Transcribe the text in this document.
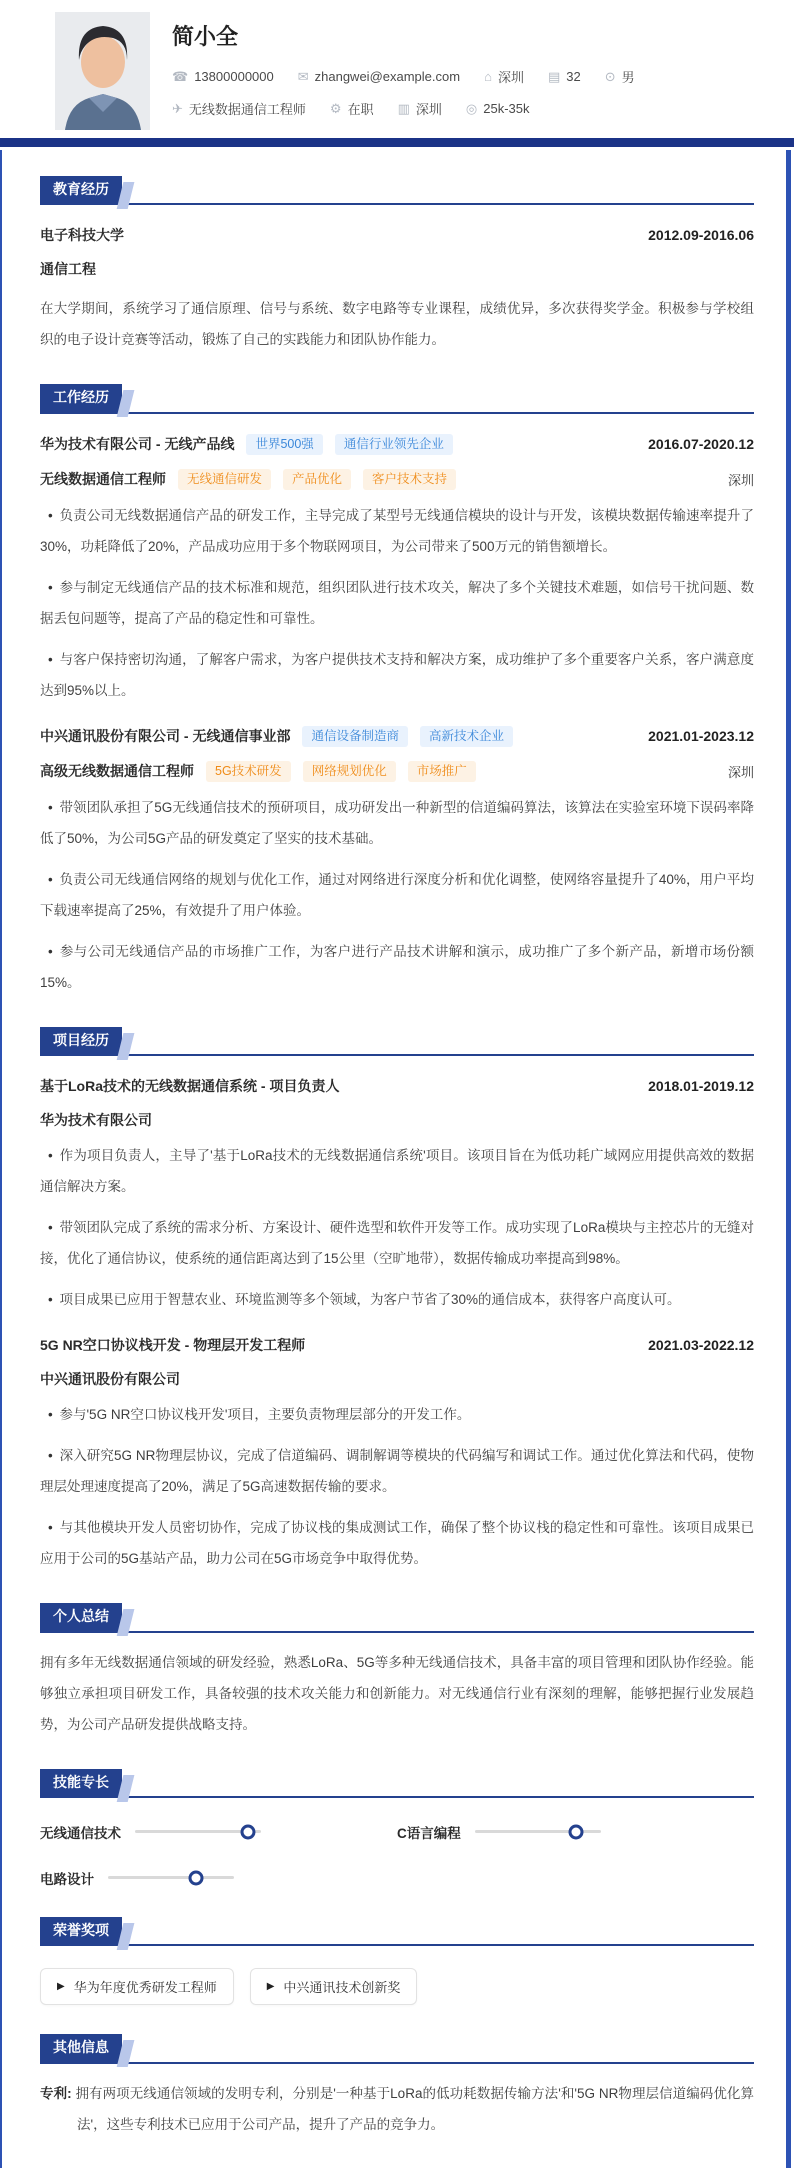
简小全
☎ 13800000000 ✉ zhangwei@example.com ⌂ 深圳 ▤ 32 ⊙ 男
✈ 无线数据通信工程师 ⚙ 在职 ▥ 深圳 ◎ 25k-35k
教育经历
电子科技大学	2012.09-2016.06
通信工程

在大学期间，系统学习了通信原理、信号与系统、数字电路等专业课程，成绩优异，多次获得奖学金。积极参与学校组织的电子设计竞赛等活动，锻炼了自己的实践能力和团队协作能力。

工作经历
华为技术有限公司 - 无线产品线	世界500强	通信行业领先企业	2016.07-2020.12
无线数据通信工程师	无线通信研发	产品优化	客户技术支持	深圳

• 负责公司无线数据通信产品的研发工作，主导完成了某型号无线通信模块的设计与开发，该模块数据传输速率提升了30%，功耗降低了20%，产品成功应用于多个物联网项目，为公司带来了500万元的销售额增长。

• 参与制定无线通信产品的技术标准和规范，组织团队进行技术攻关，解决了多个关键技术难题，如信号干扰问题、数据丢包问题等，提高了产品的稳定性和可靠性。

• 与客户保持密切沟通，了解客户需求，为客户提供技术支持和解决方案，成功维护了多个重要客户关系，客户满意度达到95%以上。

中兴通讯股份有限公司 - 无线通信事业部	通信设备制造商	高新技术企业	2021.01-2023.12
高级无线数据通信工程师	5G技术研发	网络规划优化	市场推广	深圳

• 带领团队承担了5G无线通信技术的预研项目，成功研发出一种新型的信道编码算法，该算法在实验室环境下误码率降低了50%，为公司5G产品的研发奠定了坚实的技术基础。

• 负责公司无线通信网络的规划与优化工作，通过对网络进行深度分析和优化调整，使网络容量提升了40%，用户平均下载速率提高了25%，有效提升了用户体验。

• 参与公司无线通信产品的市场推广工作，为客户进行产品技术讲解和演示，成功推广了多个新产品，新增市场份额15%。

项目经历
基于LoRa技术的无线数据通信系统 - 项目负责人	2018.01-2019.12
华为技术有限公司

• 作为项目负责人，主导了'基于LoRa技术的无线数据通信系统'项目。该项目旨在为低功耗广域网应用提供高效的数据通信解决方案。

• 带领团队完成了系统的需求分析、方案设计、硬件选型和软件开发等工作。成功实现了LoRa模块与主控芯片的无缝对接，优化了通信协议，使系统的通信距离达到了15公里（空旷地带），数据传输成功率提高到98%。

• 项目成果已应用于智慧农业、环境监测等多个领域，为客户节省了30%的通信成本，获得客户高度认可。

5G NR空口协议栈开发 - 物理层开发工程师	2021.03-2022.12
中兴通讯股份有限公司

• 参与'5G NR空口协议栈开发'项目，主要负责物理层部分的开发工作。

• 深入研究5G NR物理层协议，完成了信道编码、调制解调等模块的代码编写和调试工作。通过优化算法和代码，使物理层处理速度提高了20%，满足了5G高速数据传输的要求。

• 与其他模块开发人员密切协作，完成了协议栈的集成测试工作，确保了整个协议栈的稳定性和可靠性。该项目成果已应用于公司的5G基站产品，助力公司在5G市场竞争中取得优势。

个人总结

拥有多年无线数据通信领域的研发经验，熟悉LoRa、5G等多种无线通信技术，具备丰富的项目管理和团队协作经验。能够独立承担项目研发工作，具备较强的技术攻关能力和创新能力。对无线通信行业有深刻的理解，能够把握行业发展趋势，为公司产品研发提供战略支持。

技能专长
无线通信技术	C语言编程
电路设计
荣誉奖项
▶ 华为年度优秀研发工程师	▶ 中兴通讯技术创新奖
其他信息

专利: 拥有两项无线通信领域的发明专利，分别是'一种基于LoRa的低功耗数据传输方法'和'5G NR物理层信道编码优化算法'，这些专利技术已应用于公司产品，提升了产品的竞争力。
